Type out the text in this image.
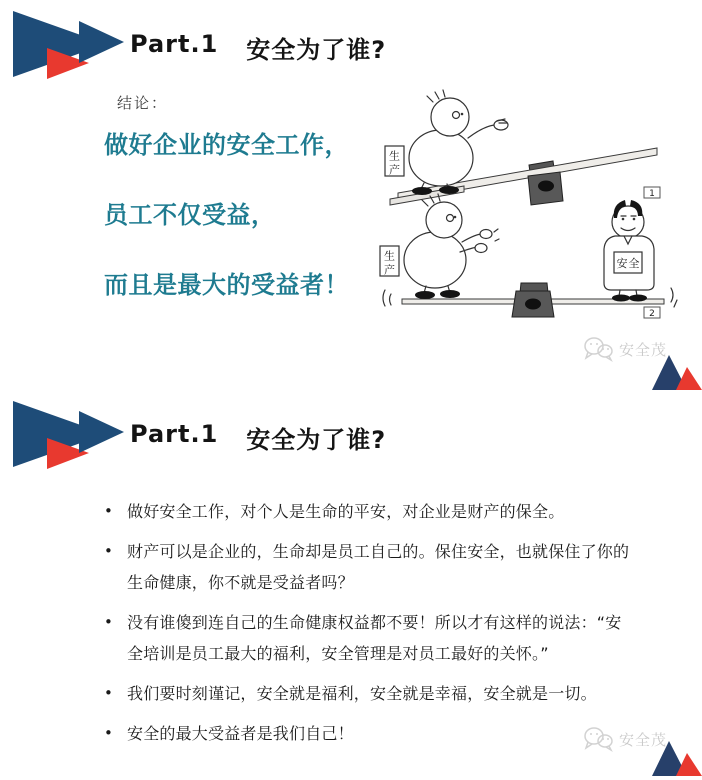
Part.1 安全为了谁?
结论：

做好企业的安全工作，

员工不仅受益，

而且是最大的受益者！

生
产
1
生
产	安 全
2
安全茂
Part.1 安全为了谁?
• 做好安全工作，对个人是生命的平安，对企业是财产的保全。
• 财产可以是企业的，生命却是员工自己的。保住安全，也就保住了你的生命健康，你不就是受益者吗？
• 没有谁傻到连自己的生命健康权益都不要！所以才有这样的说法：“安全培训是员工最大的福利，安全管理是对员工最好的关怀。”
• 我们要时刻谨记，安全就是福利，安全就是幸福，安全就是一切。
• 安全的最大受益者是我们自己！	安全茂
